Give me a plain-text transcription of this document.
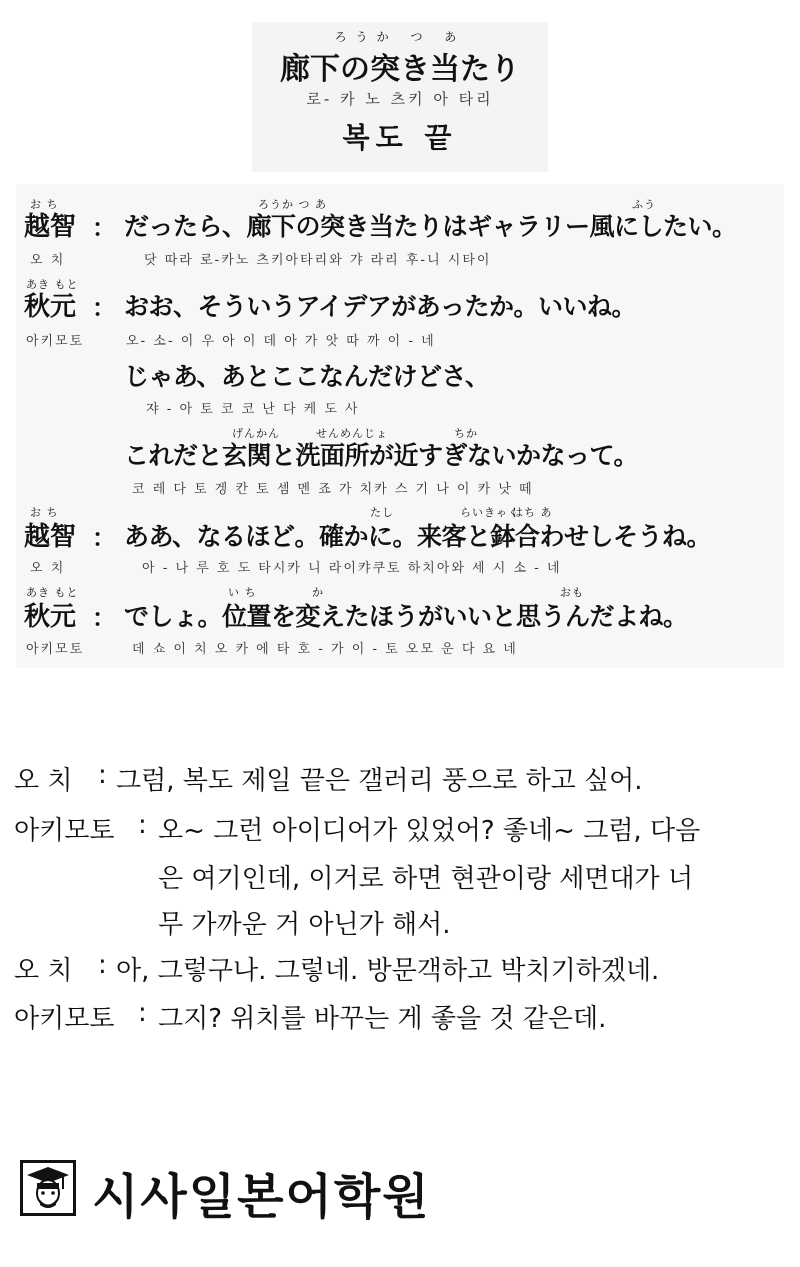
ろうか つ あ
廊下の突き当たり
로- 카 노 츠키 아 타리
복도 끝
お ち	ろうか つ あ	ふう
越智 ： だったら、廊下の突き当たりはギャラリー風にしたい。
오 치	닷 따라 로-카노 츠키아타리와 갸 라리 후-니 시타이
あき もと
秋元 ： おお、そういうアイデアがあったか。いいね。
아키모토	오- 소- 이 우 아 이 데 아 가 앗 따 까 이 - 네
じゃあ、あとここなんだけどさ、
쟈 - 아 토 코 코 난 다 케 도 사
げんかん	せんめんじょ	ちか
これだと玄関と洗面所が近すぎないかなって。
코 레 다 토 겡 칸 토 셈 멘 죠 가 치카 스 기 나 이 카 낫 떼
お ち	たし	らいきゃく
はち あ
越智 ： ああ、なるほど。確かに。来客と鉢合わせしそうね。
오 치	아 - 나 루 호 도 타시카 니 라이캬쿠토 하치아와 세 시 소 - 네
あき もと	い ち	か	おも
秋元 ： でしょ。位置を変えたほうがいいと思うんだよね。
아키모토	데 쇼 이 치 오 카 에 타 호 - 가 이 - 토 오모 운 다 요 네
오 치 : 그럼, 복도 제일 끝은 갤러리 풍으로 하고 싶어.
아키모토 : 오~ 그런 아이디어가 있었어? 좋네~ 그럼, 다음
은 여기인데, 이거로 하면 현관이랑 세면대가 너
무 가까운 거 아닌가 해서.
오 치 : 아, 그렇구나. 그렇네. 방문객하고 박치기하겠네.
아키모토 : 그지? 위치를 바꾸는 게 좋을 것 같은데.
시사일본어학원
